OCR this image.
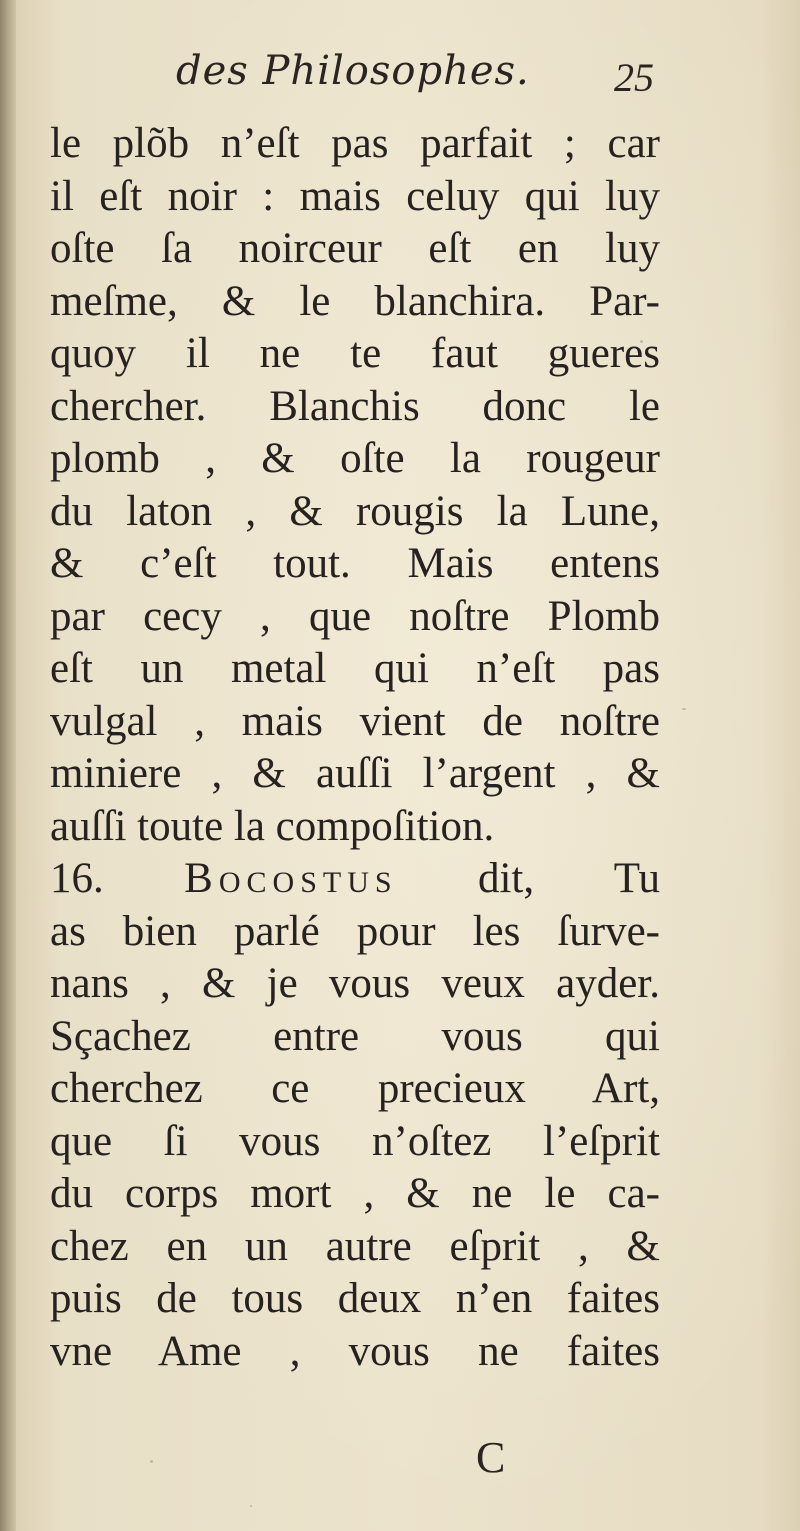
des Philosophes. 25
le plõb n’eſt pas parfait ; car
il eſt noir : mais celuy qui luy
oſte ſa noirceur eſt en luy
meſme, & le blanchira. Par-
quoy il ne te faut gueres
chercher. Blanchis donc le
plomb , & oſte la rougeur
du laton , & rougis la Lune,
& c’eſt tout. Mais entens
par cecy , que noſtre Plomb
eſt un metal qui n’eſt pas
vulgal , mais vient de noſtre
miniere , & auſſi l’argent , &
auſſi toute la compoſition.
16. Bocostus dit, Tu
as bien parlé pour les ſurve-
nans , & je vous veux ayder.
Sçachez entre vous qui
cherchez ce precieux Art,
que ſi vous n’oſtez l’eſprit
du corps mort , & ne le ca-
chez en un autre eſprit , &
puis de tous deux n’en faites
vne Ame , vous ne faites
C
